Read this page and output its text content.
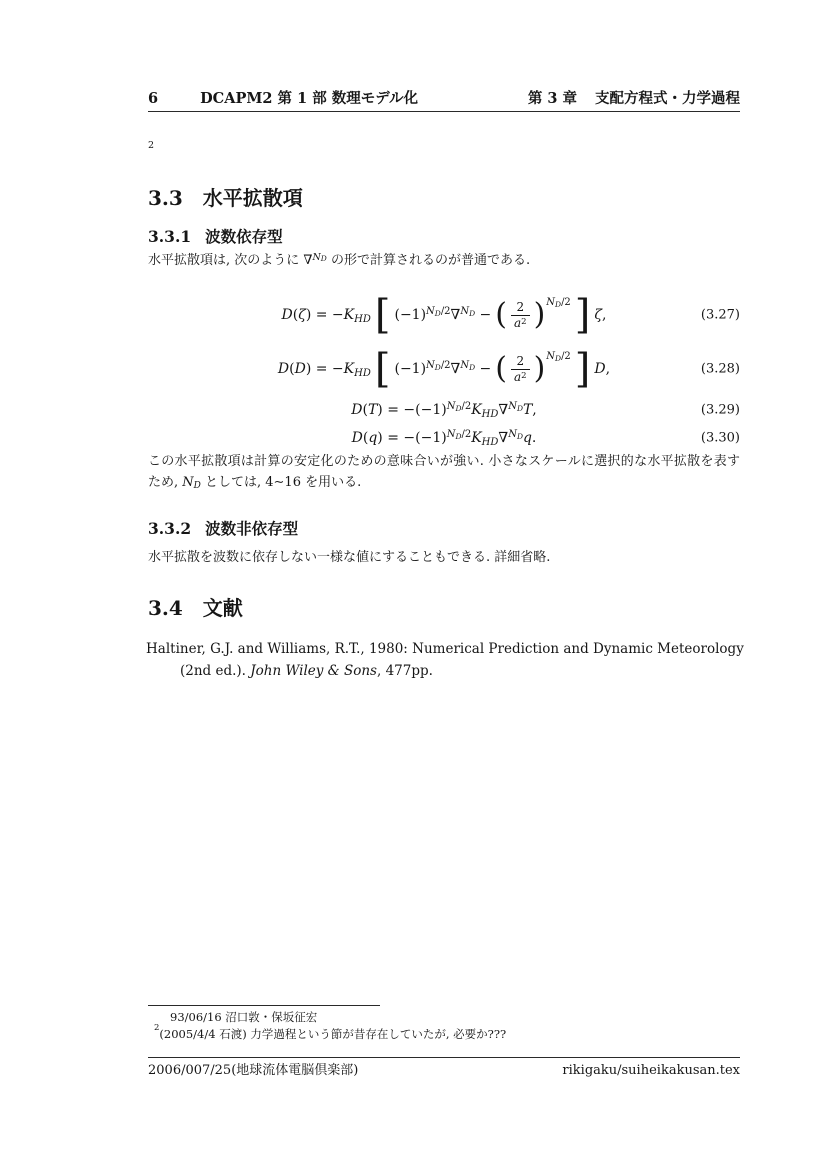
6	DCAPM2 第 1 部 数理モデル化	第 3 章 支配方程式・力学過程
2
3.3 水平拡散項
3.3.1 波数依存型
水平拡散項は, 次のように ∇$^{N_D}$ の形で計算されるのが普通である.
$D(\zeta) = -K_{HD}$ [ $(-1)^{N_D/2}\nabla^{N_D}$ − ( $\frac{2}{a^2}$ ) $N_D/2$ ] ζ,	(3.27)
$D(D) = -K_{HD}$ [ $(-1)^{N_D/2}\nabla^{N_D}$ − ( $\frac{2}{a^2}$ ) $N_D/2$ ] D,	(3.28)
$D(T) = -(-1)^{N_D/2}K_{HD}\nabla^{N_D}T$,	(3.29)
$D(q) = -(-1)^{N_D/2}K_{HD}\nabla^{N_D}q$.	(3.30)
この水平拡散項は計算の安定化のための意味合いが強い. 小さなスケールに選択的な水平拡散を表すため, $N_D$ としては, 4∼16 を用いる.
3.3.2 波数非依存型
水平拡散を波数に依存しない一様な値にすることもできる. 詳細省略.
3.4 文献
Haltiner, G.J. and Williams, R.T., 1980: Numerical Prediction and Dynamic Meteorology (2nd ed.). John Wiley & Sons, 477pp.
93/06/16 沼口敦・保坂征宏
$^2$(2005/4/4 石渡) 力学過程という節が昔存在していたが, 必要か???
2006/007/25(地球流体電脳倶楽部)	rikigaku/suiheikakusan.tex
